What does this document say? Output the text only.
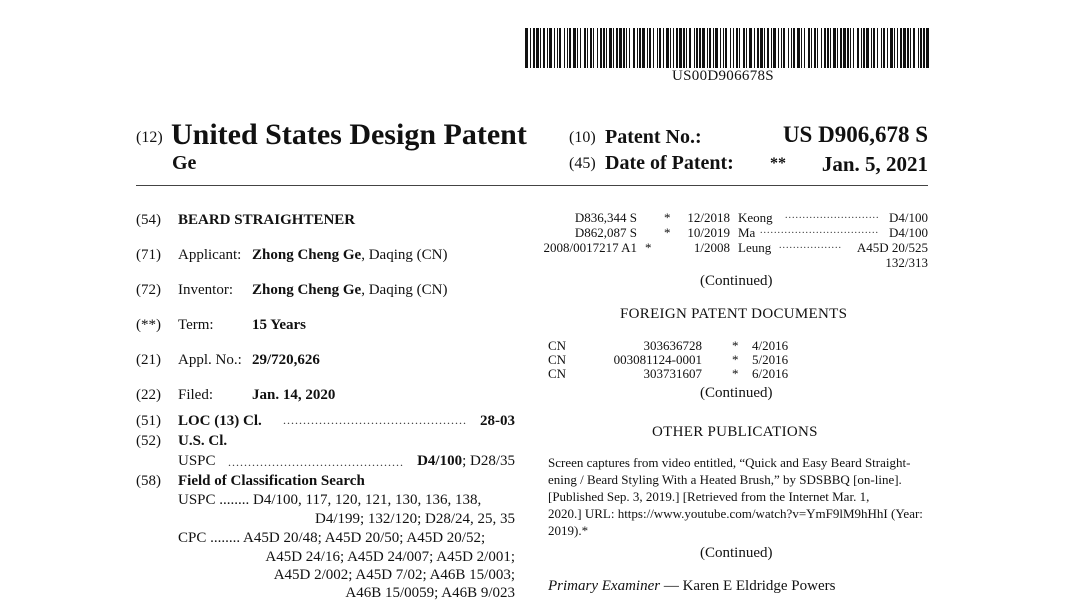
US00D906678S
(12) United States Design Patent
Ge
(10) Patent No.:	US D906,678 S
(45) Date of Patent: ** Jan. 5, 2021
(54) BEARD STRAIGHTENER
(71) Applicant: Zhong Cheng Ge, Daqing (CN)
(72) Inventor: Zhong Cheng Ge, Daqing (CN)
(**) Term:	15 Years
(21) Appl. No.: 29/720,626
(22) Filed:	Jan. 14, 2020
(51) LOC (13) Cl. .............................................. 28-03
(52) U.S. Cl.
USPC ............................................ D4/100; D28/35
(58) Field of Classification Search
USPC ........ D4/100, 117, 120, 121, 130, 136, 138,
D4/199; 132/120; D28/24, 25, 35
CPC ........ A45D 20/48; A45D 20/50; A45D 20/52;
A45D 24/16; A45D 24/007; A45D 2/001;
A45D 2/002; A45D 7/02; A46B 15/003;
A46B 15/0059; A46B 9/023
D836,344 S * 12/2018 Keong ........................... D4/100
D862,087 S * 10/2019 Ma .................................. D4/100
2008/0017217 A1 *	1/2008 Leung .................. A45D 20/525
132/313
(Continued)
FOREIGN PATENT DOCUMENTS
CN	303636728 * 4/2016
CN	003081124-0001 * 5/2016
CN	303731607 * 6/2016
(Continued)
OTHER PUBLICATIONS
Screen captures from video entitled, “Quick and Easy Beard Straight-
ening / Beard Styling With a Heated Brush,” by SDSBBQ [on-line].
[Published Sep. 3, 2019.] [Retrieved from the Internet Mar. 1,
2020.] URL: https://www.youtube.com/watch?v=YmF9lM9hHhI (Year:
2019).*
(Continued)
Primary Examiner — Karen E Eldridge Powers
